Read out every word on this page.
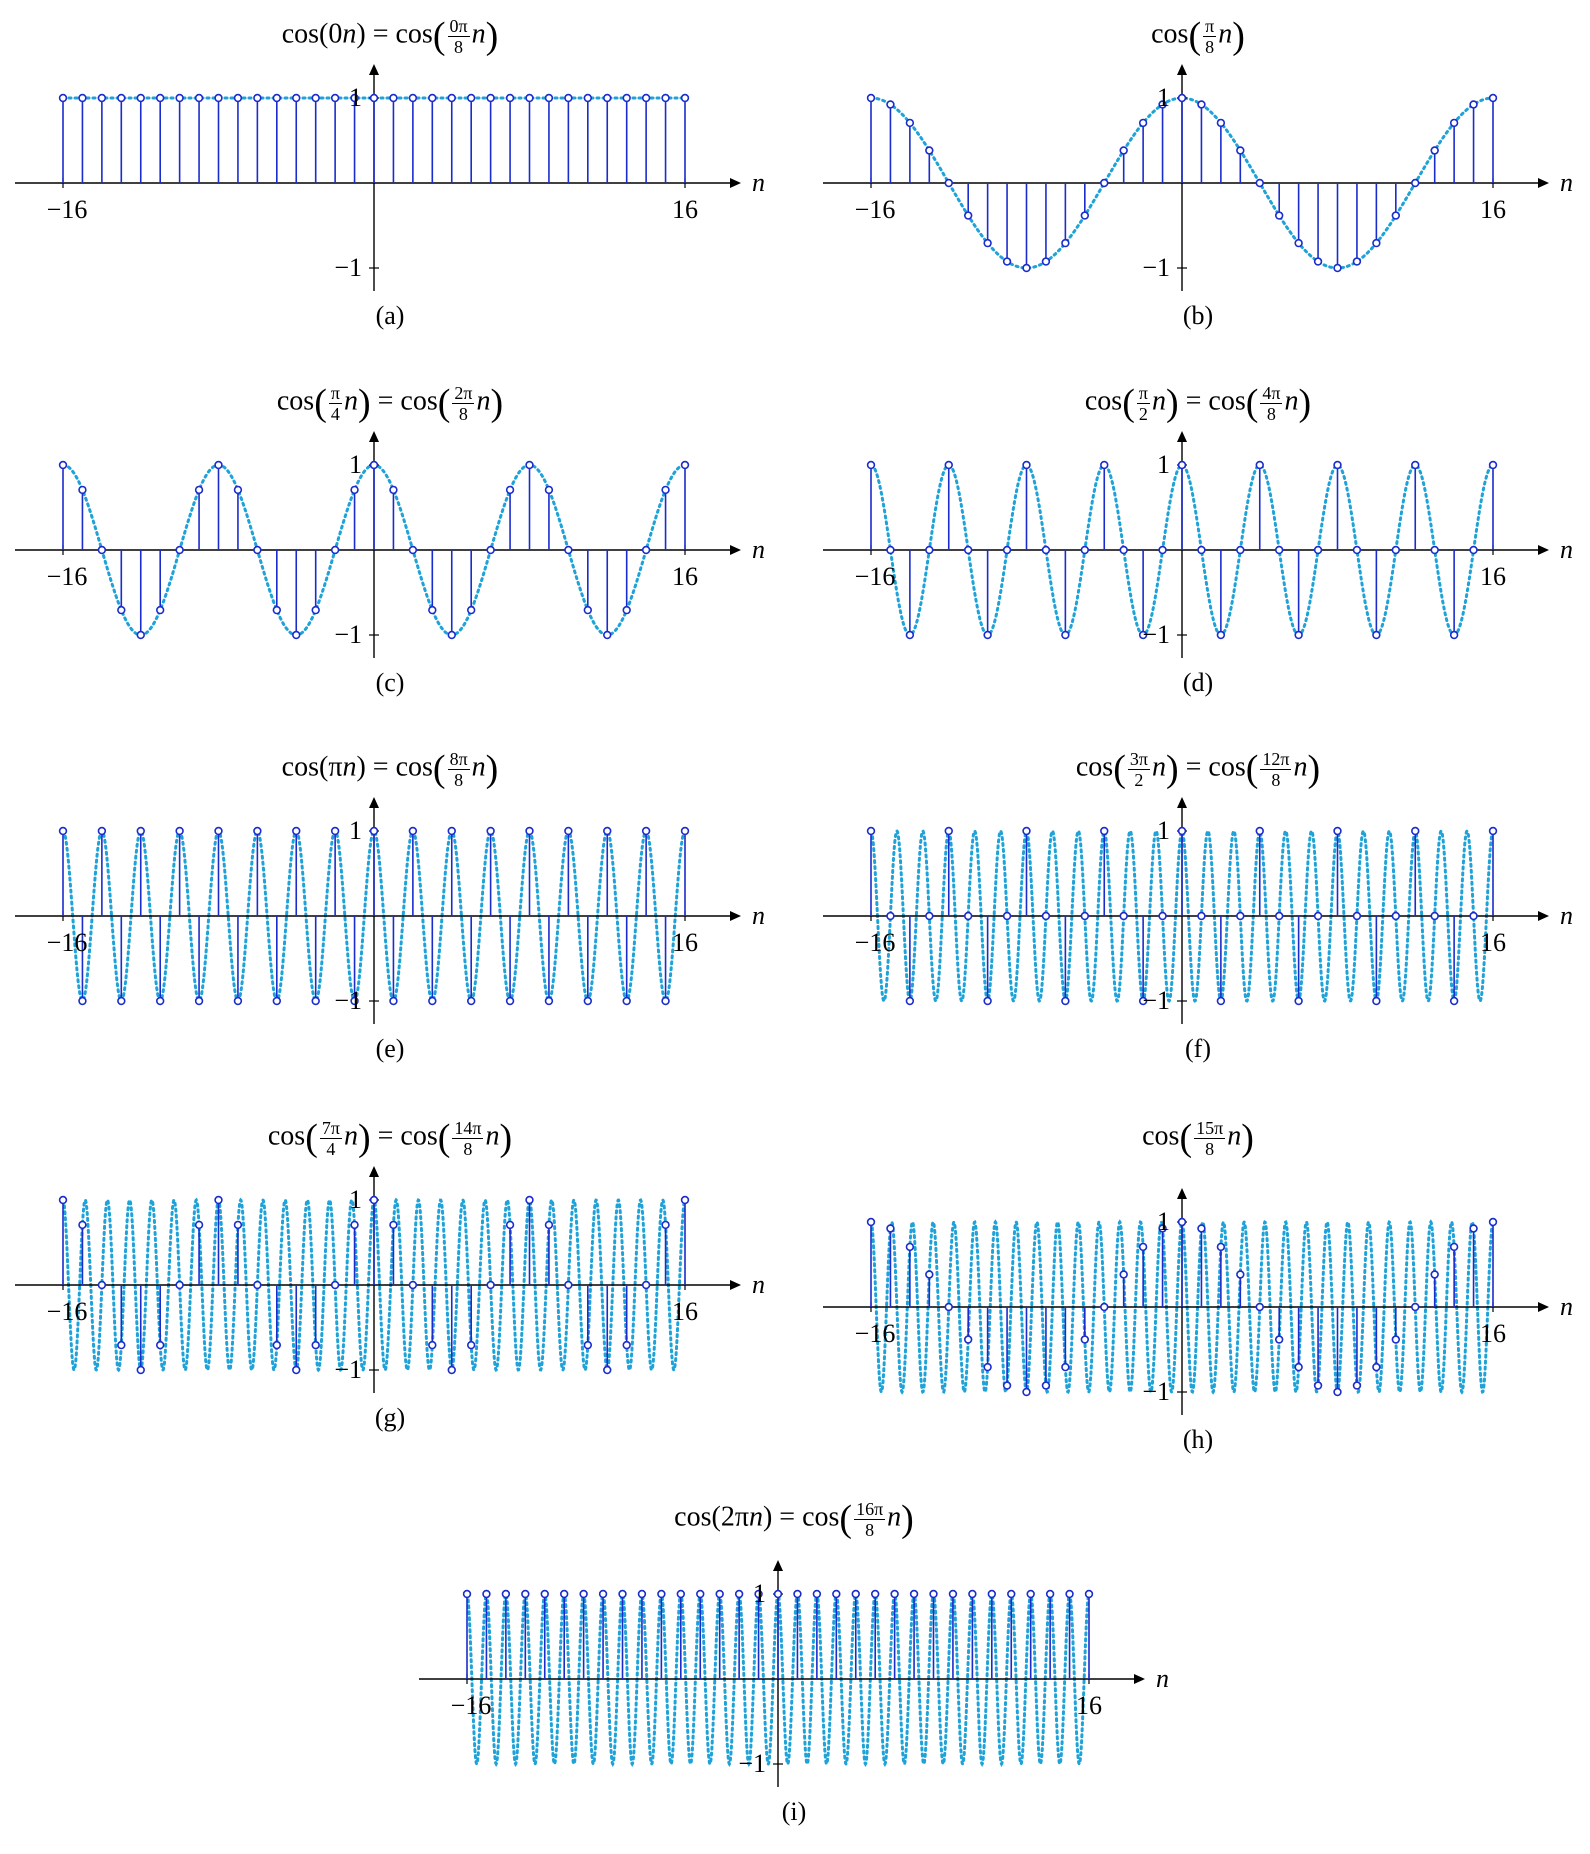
$\cos(0n) = \cos( \frac{0\pi}{8} n)$
1
−1
−16	16
n
(a)
$\cos( \frac{\pi}{8} n)$
1
−1
−16	16
n
(b)
$\cos( \frac{\pi}{4} n) = \cos( \frac{2\pi}{8} n)$
1
−1
−16	16
n
(c)
$\cos( \frac{\pi}{2} n) = \cos( \frac{4\pi}{8} n)$
1
−1
−16	16
n
(d)
$\cos(\pi n) = \cos( \frac{8\pi}{8} n)$
1
−1
−16	16
n
(e)
$\cos( \frac{3\pi}{2} n) = \cos( \frac{12\pi}{8} n)$
1
−1
−16	16
n
(f)
$\cos( \frac{7\pi}{4} n) = \cos( \frac{14\pi}{8} n)$
1
−1
−16	16
n
(g)
$\cos( \frac{15\pi}{8} n)$
1
−1
−16	16
n
(h)
$\cos(2\pi n) = \cos( \frac{16\pi}{8} n)$
1
−1
−16	16
n
(i)
